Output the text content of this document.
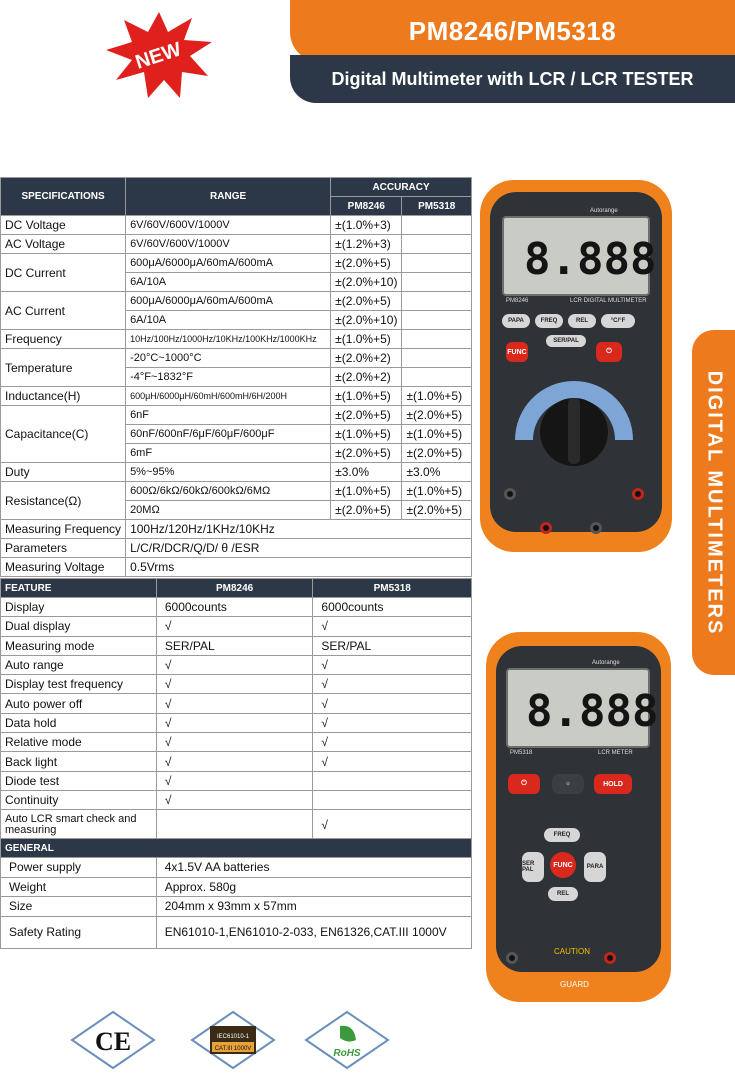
NEW
PM8246/PM5318
Digital Multimeter with LCR / LCR TESTER
SPECIFICATIONS	RANGE	ACCURACY	
		PM8246	PM5318
DC Voltage	6V/60V/600V/1000V	±(1.0%+3)	
AC Voltage	6V/60V/600V/1000V	±(1.2%+3)	
DC Current	600μA/6000μA/60mA/600mA	±(2.0%+5)	
	6A/10A	±(2.0%+10)	
AC Current	600μA/6000μA/60mA/600mA	±(2.0%+5)	
	6A/10A	±(2.0%+10)	
Frequency	10Hz/100Hz/1000Hz/10KHz/100KHz/1000KHz	±(1.0%+5)	
Temperature	-20°C~1000°C	±(2.0%+2)	
	-4°F~1832°F	±(2.0%+2)	
Inductance(H)	600μH/6000μH/60mH/600mH/6H/200H	±(1.0%+5)	±(1.0%+5)
Capacitance(C)	6nF	±(2.0%+5)	±(2.0%+5)
	60nF/600nF/6μF/60μF/600μF	±(1.0%+5)	±(1.0%+5)
	6mF	±(2.0%+5)	±(2.0%+5)
Duty	5%~95%	±3.0%	±3.0%
Resistance(Ω)	600Ω/6kΩ/60kΩ/600kΩ/6MΩ	±(1.0%+5)	±(1.0%+5)
	20MΩ	±(2.0%+5)	±(2.0%+5)
Measuring Frequency	100Hz/120Hz/1KHz/10KHz		
Parameters	L/C/R/DCR/Q/D/ θ /ESR		
Measuring Voltage	0.5Vrms		
FEATURE	PM8246	PM5318
Display	6000counts	6000counts
Dual display	√	√
Measuring mode	SER/PAL	SER/PAL
Auto range	√	√
Display test frequency	√	√
Auto power off	√	√
Data hold	√	√
Relative mode	√	√
Back light	√	√
Diode test	√	
Continuity	√	
Auto LCR smart check and measuring		√
GENERAL	
Power supply	4x1.5V AA batteries
Weight	Approx. 580g
Size	204mm x 93mm x 57mm
Safety Rating	EN61010-1,EN61010-2-033, EN61326,CAT.III 1000V
8.888
Autorange
PM8246	LCR DIGITAL MULTIMETER
PAPA	FREQ	REL	°C/°F
SER/PAL
FUNC	⏻
8.888
Autorange
PM5318	LCR METER
⏻	☼	HOLD
FREQ
SER PAL
FUNC	PARA
REL
CAUTION
GUARD
DIGITAL MULTIMETERS
CE	IEC61010-1
CAT.III 1000V	RoHS
